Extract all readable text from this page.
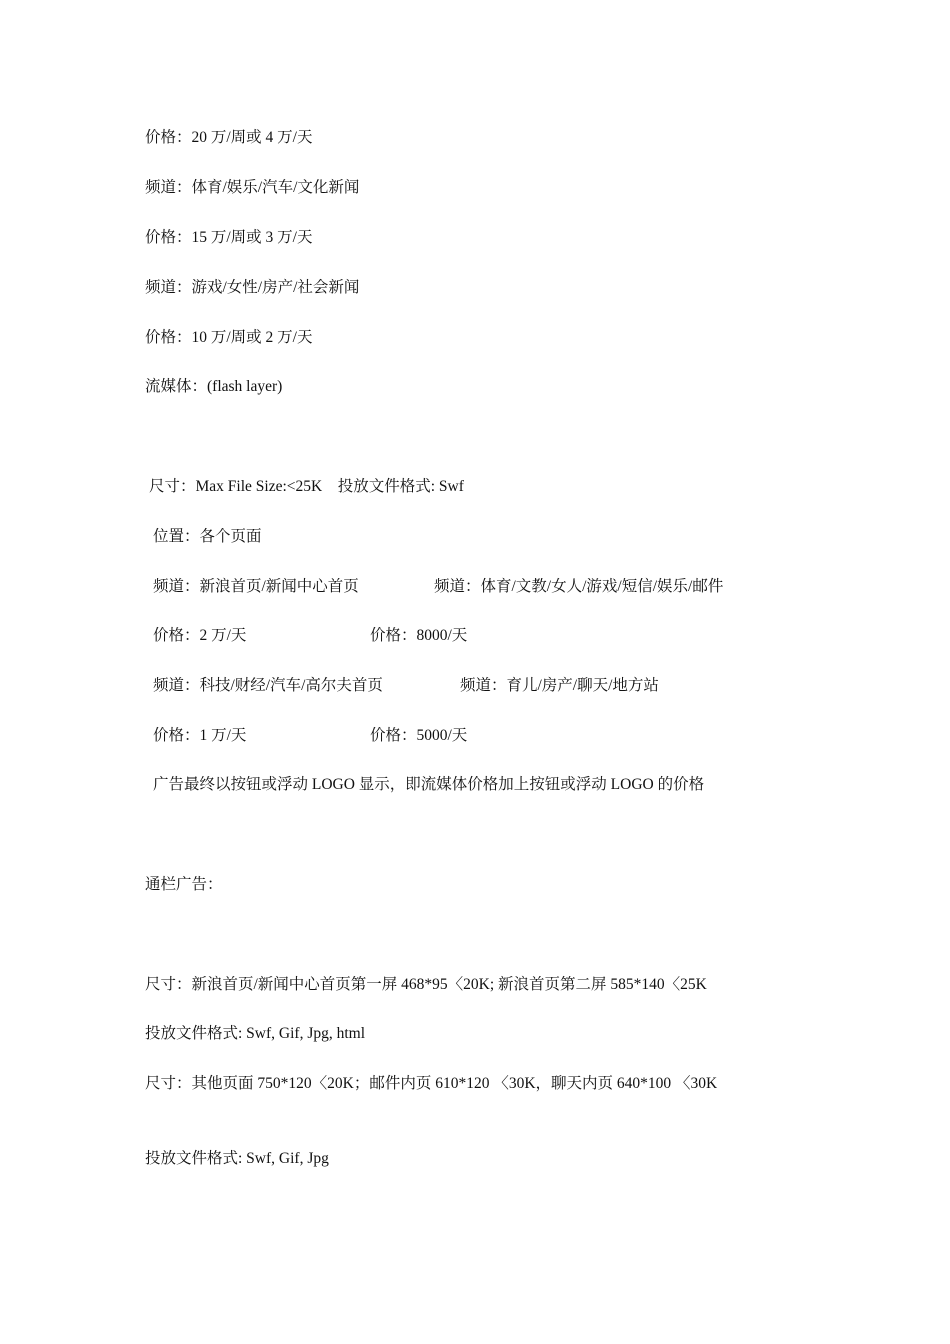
价格：20 万/周或 4 万/天
频道：体育/娱乐/汽车/文化新闻
价格：15 万/周或 3 万/天
频道：游戏/女性/房产/社会新闻
价格：10 万/周或 2 万/天
流媒体：(flash layer)
尺寸：Max File Size:<25K    投放文件格式: Swf
位置：各个页面
频道：新浪首页/新闻中心首页	频道：体育/文教/女人/游戏/短信/娱乐/邮件
价格：2 万/天	价格：8000/天
频道：科技/财经/汽车/高尔夫首页	频道：育儿/房产/聊天/地方站
价格：1 万/天	价格：5000/天
广告最终以按钮或浮动 LOGO 显示，即流媒体价格加上按钮或浮动 LOGO 的价格
通栏广告：
尺寸：新浪首页/新闻中心首页第一屏 468*95〈20K; 新浪首页第二屏 585*140〈25K
投放文件格式: Swf, Gif, Jpg, html
尺寸：其他页面 750*120〈20K；邮件内页 610*120 〈30K，聊天内页 640*100 〈30K
投放文件格式: Swf, Gif, Jpg
